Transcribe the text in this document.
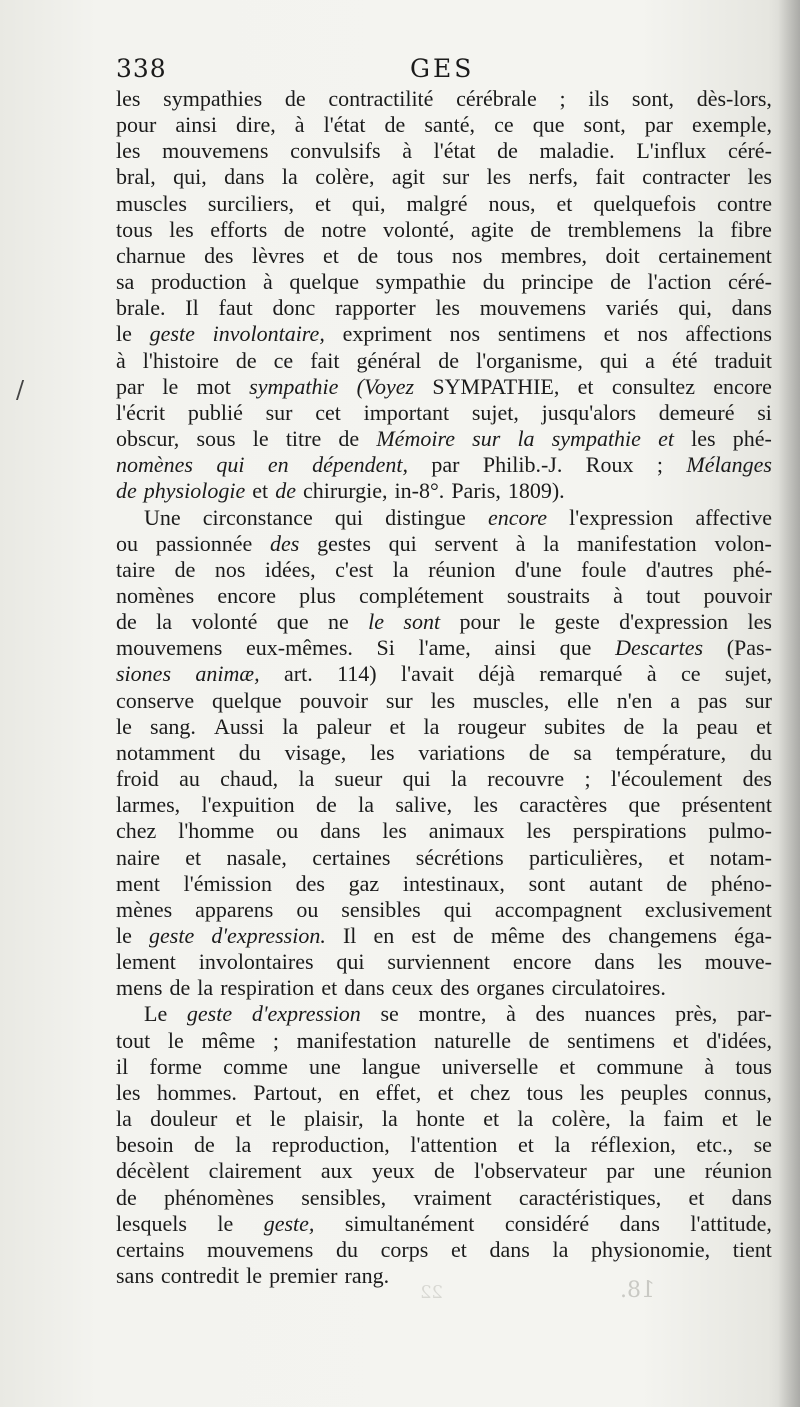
338	GES
/
les sympathies de contractilité cérébrale ; ils sont, dès-lors,
pour ainsi dire, à l'état de santé, ce que sont, par exemple,
les mouvemens convulsifs à l'état de maladie. L'influx céré-
bral, qui, dans la colère, agit sur les nerfs, fait contracter les
muscles surciliers, et qui, malgré nous, et quelquefois contre
tous les efforts de notre volonté, agite de tremblemens la fibre
charnue des lèvres et de tous nos membres, doit certainement
sa production à quelque sympathie du principe de l'action céré-
brale. Il faut donc rapporter les mouvemens variés qui, dans
le geste involontaire, expriment nos sentimens et nos affections
à l'histoire de ce fait général de l'organisme, qui a été traduit
par le mot sympathie (Voyez SYMPATHIE, et consultez encore
l'écrit publié sur cet important sujet, jusqu'alors demeuré si
obscur, sous le titre de Mémoire sur la sympathie et les phé-
nomènes qui en dépendent, par Philib.-J. Roux ; Mélanges
de physiologie et de chirurgie, in-8°. Paris, 1809).
Une circonstance qui distingue encore l'expression affective
ou passionnée des gestes qui servent à la manifestation volon-
taire de nos idées, c'est la réunion d'une foule d'autres phé-
nomènes encore plus complétement soustraits à tout pouvoir
de la volonté que ne le sont pour le geste d'expression les
mouvemens eux-mêmes. Si l'ame, ainsi que Descartes (Pas-
siones animæ, art. 114) l'avait déjà remarqué à ce sujet,
conserve quelque pouvoir sur les muscles, elle n'en a pas sur
le sang. Aussi la paleur et la rougeur subites de la peau et
notamment du visage, les variations de sa température, du
froid au chaud, la sueur qui la recouvre ; l'écoulement des
larmes, l'expuition de la salive, les caractères que présentent
chez l'homme ou dans les animaux les perspirations pulmo-
naire et nasale, certaines sécrétions particulières, et notam-
ment l'émission des gaz intestinaux, sont autant de phéno-
mènes apparens ou sensibles qui accompagnent exclusivement
le geste d'expression. Il en est de même des changemens éga-
lement involontaires qui surviennent encore dans les mouve-
mens de la respiration et dans ceux des organes circulatoires.
Le geste d'expression se montre, à des nuances près, par-
tout le même ; manifestation naturelle de sentimens et d'idées,
il forme comme une langue universelle et commune à tous
les hommes. Partout, en effet, et chez tous les peuples connus,
la douleur et le plaisir, la honte et la colère, la faim et le
besoin de la reproduction, l'attention et la réflexion, etc., se
décèlent clairement aux yeux de l'observateur par une réunion
de phénomènes sensibles, vraiment caractéristiques, et dans
lesquels le geste, simultanément considéré dans l'attitude,
certains mouvemens du corps et dans la physionomie, tient
sans contredit le premier rang.
18.
22
